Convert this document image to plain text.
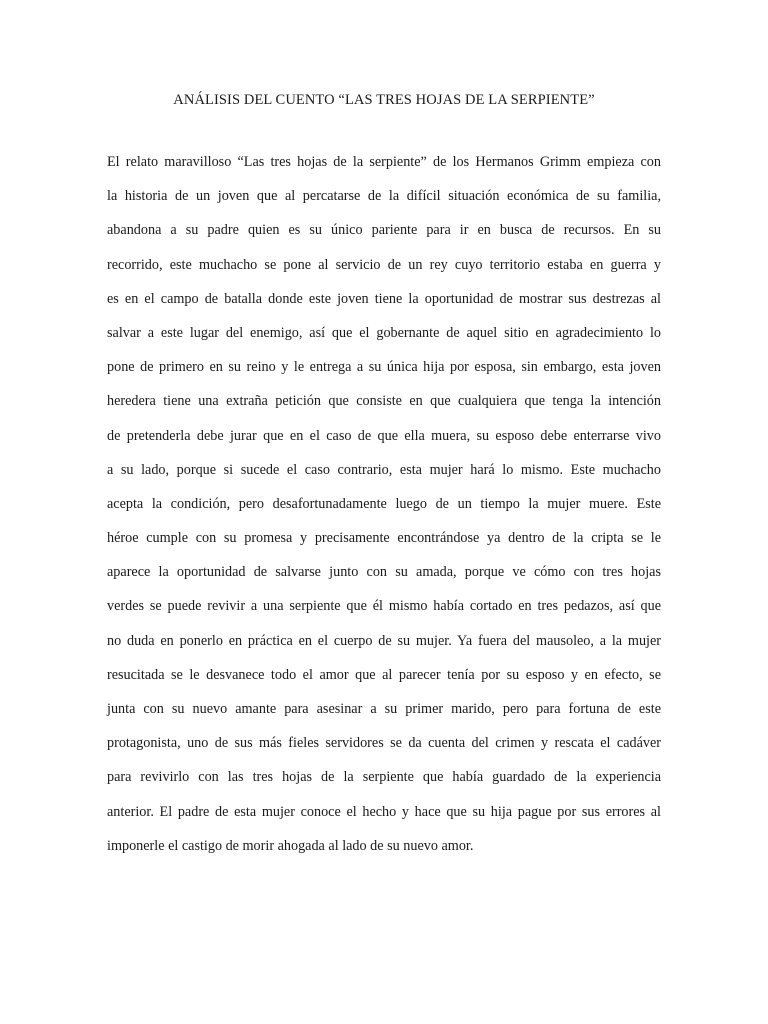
ANÁLISIS DEL CUENTO “LAS TRES HOJAS DE LA SERPIENTE”
El relato maravilloso “Las tres hojas de la serpiente” de los Hermanos Grimm empieza con
la historia de un joven que al percatarse de la difícil situación económica de su familia,
abandona a su padre quien es su único pariente para ir en busca de recursos. En su
recorrido, este muchacho se pone al servicio de un rey cuyo territorio estaba en guerra y
es en el campo de batalla donde este joven tiene la oportunidad de mostrar sus destrezas al
salvar a este lugar del enemigo, así que el gobernante de aquel sitio en agradecimiento lo
pone de primero en su reino y le entrega a su única hija por esposa, sin embargo, esta joven
heredera tiene una extraña petición que consiste en que cualquiera que tenga la intención
de pretenderla debe jurar que en el caso de que ella muera, su esposo debe enterrarse vivo
a su lado, porque si sucede el caso contrario, esta mujer hará lo mismo. Este muchacho
acepta la condición, pero desafortunadamente luego de un tiempo la mujer muere. Este
héroe cumple con su promesa y precisamente encontrándose ya dentro de la cripta se le
aparece la oportunidad de salvarse junto con su amada, porque ve cómo con tres hojas
verdes se puede revivir a una serpiente que él mismo había cortado en tres pedazos, así que
no duda en ponerlo en práctica en el cuerpo de su mujer. Ya fuera del mausoleo, a la mujer
resucitada se le desvanece todo el amor que al parecer tenía por su esposo y en efecto, se
junta con su nuevo amante para asesinar a su primer marido, pero para fortuna de este
protagonista, uno de sus más fieles servidores se da cuenta del crimen y rescata el cadáver
para revivirlo con las tres hojas de la serpiente que había guardado de la experiencia
anterior. El padre de esta mujer conoce el hecho y hace que su hija pague por sus errores al
imponerle el castigo de morir ahogada al lado de su nuevo amor.
